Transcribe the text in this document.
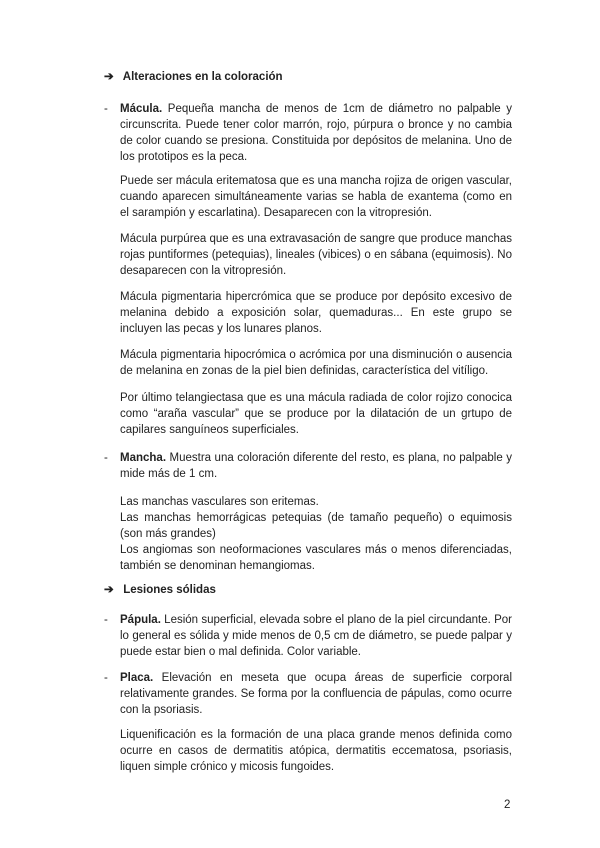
➔ Alteraciones en la coloración
- Mácula. Pequeña mancha de menos de 1cm de diámetro no palpable y circunscrita. Puede tener color marrón, rojo, púrpura o bronce y no cambia de color cuando se presiona. Constituida por depósitos de melanina. Uno de los prototipos es la peca.

Puede ser mácula eritematosa que es una mancha rojiza de origen vascular, cuando aparecen simultáneamente varias se habla de exantema (como en el sarampión y escarlatina). Desaparecen con la vitropresión.

Mácula purpúrea que es una extravasación de sangre que produce manchas rojas puntiformes (petequias), lineales (vibices) o en sábana (equimosis). No desaparecen con la vitropresión.

Mácula pigmentaria hipercrómica que se produce por depósito excesivo de melanina debido a exposición solar, quemaduras... En este grupo se incluyen las pecas y los lunares planos.

Mácula pigmentaria hipocrómica o acrómica por una disminución o ausencia de melanina en zonas de la piel bien definidas, característica del vitíligo.

Por último telangiectasa que es una mácula radiada de color rojizo conocica como “araña vascular” que se produce por la dilatación de un grtupo de capilares sanguíneos superficiales.

- Mancha. Muestra una coloración diferente del resto, es plana, no palpable y mide más de 1 cm.

Las manchas vasculares son eritemas.
Las manchas hemorrágicas petequias (de tamaño pequeño) o equimosis (son más grandes)
Los angiomas son neoformaciones vasculares más o menos diferenciadas, también se denominan hemangiomas.

➔ Lesiones sólidas
- Pápula. Lesión superficial, elevada sobre el plano de la piel circundante. Por lo general es sólida y mide menos de 0,5 cm de diámetro, se puede palpar y puede estar bien o mal definida. Color variable.

- Placa. Elevación en meseta que ocupa áreas de superficie corporal relativamente grandes. Se forma por la confluencia de pápulas, como ocurre con la psoriasis.

Liquenificación es la formación de una placa grande menos definida como ocurre en casos de dermatitis atópica, dermatitis eccematosa, psoriasis, liquen simple crónico y micosis fungoides.

2
